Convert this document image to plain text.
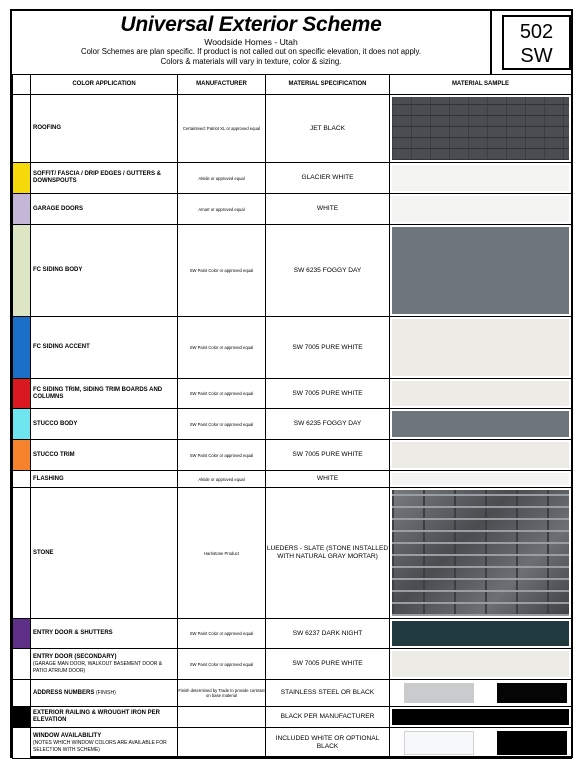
Universal Exterior Scheme
Woodside Homes - Utah
Color Schemes are plan specific. If product is not called out on specific elevation, it does not apply.
Colors & materials will vary in texture, color & sizing.
502
SW
	COLOR APPLICATION	MANUFACTURER	MATERIAL SPECIFICATION	MATERIAL SAMPLE
	ROOFING	Certainteed: Patriot XL or approved equal	JET BLACK	

	SOFFIT/ FASCIA / DRIP EDGES / GUTTERS & DOWNSPOUTS	Alside or approved equal	GLACIER WHITE	

	GARAGE DOORS	Amarr or approved equal	WHITE	

	FC SIDING BODY	SW Paint Color or approved equal	SW 6235 FOGGY DAY	

	FC SIDING ACCENT	SW Paint Color or approved equal	SW 7005 PURE WHITE	

	FC SIDING TRIM, SIDING TRIM BOARDS AND COLUMNS	SW Paint Color or approved equal	SW 7005 PURE WHITE	

	STUCCO BODY	SW Paint Color or approved equal	SW 6235 FOGGY DAY	

	STUCCO TRIM	SW Paint Color or approved equal	SW 7005 PURE WHITE	

	FLASHING	Alside or approved equal	WHITE	

	STONE	Harristone Product	LUEDERS - SLATE (STONE INSTALLED WITH NATURAL GRAY MORTAR)	

	ENTRY DOOR & SHUTTERS	SW Paint Color or approved equal	SW 6237 DARK NIGHT	

	ENTRY DOOR (SECONDARY)
(GARAGE MAN DOOR, WALKOUT BASEMENT DOOR & PATIO ATRIUM DOOR)	SW Paint Color or approved equal	SW 7005 PURE WHITE	

	ADDRESS NUMBERS (FINISH)	Finish determined by Trade to provide contrast on base material	STAINLESS STEEL OR BLACK	

	EXTERIOR RAILING & WROUGHT IRON PER ELEVATION		BLACK PER MANUFACTURER	

	WINDOW AVAILABILITY
(NOTES WHICH WINDOW COLORS ARE AVAILABLE FOR SELECTION WITH SCHEME)		INCLUDED WHITE OR OPTIONAL BLACK	
